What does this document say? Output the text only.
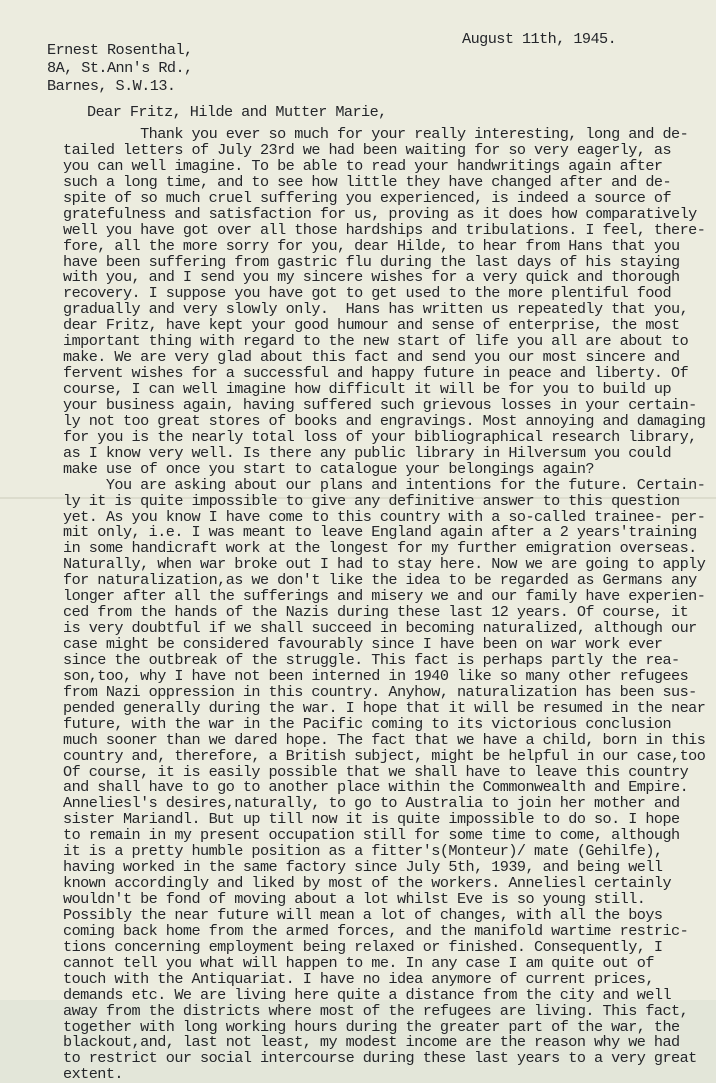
August 11th, 1945.
Ernest Rosenthal,
8A, St.Ann's Rd.,
Barnes, S.W.13.
Dear Fritz, Hilde and Mutter Marie,
Thank you ever so much for your really interesting, long and de-
tailed letters of July 23rd we had been waiting for so very eagerly, as
you can well imagine. To be able to read your handwritings again after
such a long time, and to see how little they have changed after and de-
spite of so much cruel suffering you experienced, is indeed a source of
gratefulness and satisfaction for us, proving as it does how comparatively
well you have got over all those hardships and tribulations. I feel, there-
fore, all the more sorry for you, dear Hilde, to hear from Hans that you
have been suffering from gastric flu during the last days of his staying
with you, and I send you my sincere wishes for a very quick and thorough
recovery. I suppose you have got to get used to the more plentiful food
gradually and very slowly only.  Hans has written us repeatedly that you,
dear Fritz, have kept your good humour and sense of enterprise, the most
important thing with regard to the new start of life you all are about to
make. We are very glad about this fact and send you our most sincere and
fervent wishes for a successful and happy future in peace and liberty. Of
course, I can well imagine how difficult it will be for you to build up
your business again, having suffered such grievous losses in your certain-
ly not too great stores of books and engravings. Most annoying and damaging
for you is the nearly total loss of your bibliographical research library,
as I know very well. Is there any public library in Hilversum you could
make use of once you start to catalogue your belongings again?
You are asking about our plans and intentions for the future. Certain-
ly it is quite impossible to give any definitive answer to this question
yet. As you know I have come to this country with a so-called trainee- per-
mit only, i.e. I was meant to leave England again after a 2 years'training
in some handicraft work at the longest for my further emigration overseas.
Naturally, when war broke out I had to stay here. Now we are going to apply
for naturalization,as we don't like the idea to be regarded as Germans any
longer after all the sufferings and misery we and our family have experien-
ced from the hands of the Nazis during these last 12 years. Of course, it
is very doubtful if we shall succeed in becoming naturalized, although our
case might be considered favourably since I have been on war work ever
since the outbreak of the struggle. This fact is perhaps partly the rea-
son,too, why I have not been interned in 1940 like so many other refugees
from Nazi oppression in this country. Anyhow, naturalization has been sus-
pended generally during the war. I hope that it will be resumed in the near
future, with the war in the Pacific coming to its victorious conclusion
much sooner than we dared hope. The fact that we have a child, born in this
country and, therefore, a British subject, might be helpful in our case,too
Of course, it is easily possible that we shall have to leave this country
and shall have to go to another place within the Commonwealth and Empire.
Anneliesl's desires,naturally, to go to Australia to join her mother and
sister Mariandl. But up till now it is quite impossible to do so. I hope
to remain in my present occupation still for some time to come, although
it is a pretty humble position as a fitter's(Monteur)/ mate (Gehilfe),
having worked in the same factory since July 5th, 1939, and being well
known accordingly and liked by most of the workers. Anneliesl certainly
wouldn't be fond of moving about a lot whilst Eve is so young still.
Possibly the near future will mean a lot of changes, with all the boys
coming back home from the armed forces, and the manifold wartime restric-
tions concerning employment being relaxed or finished. Consequently, I
cannot tell you what will happen to me. In any case I am quite out of
touch with the Antiquariat. I have no idea anymore of current prices,
demands etc. We are living here quite a distance from the city and well
away from the districts where most of the refugees are living. This fact,
together with long working hours during the greater part of the war, the
blackout,and, last not least, my modest income are the reason why we had
to restrict our social intercourse during these last years to a very great
extent.
